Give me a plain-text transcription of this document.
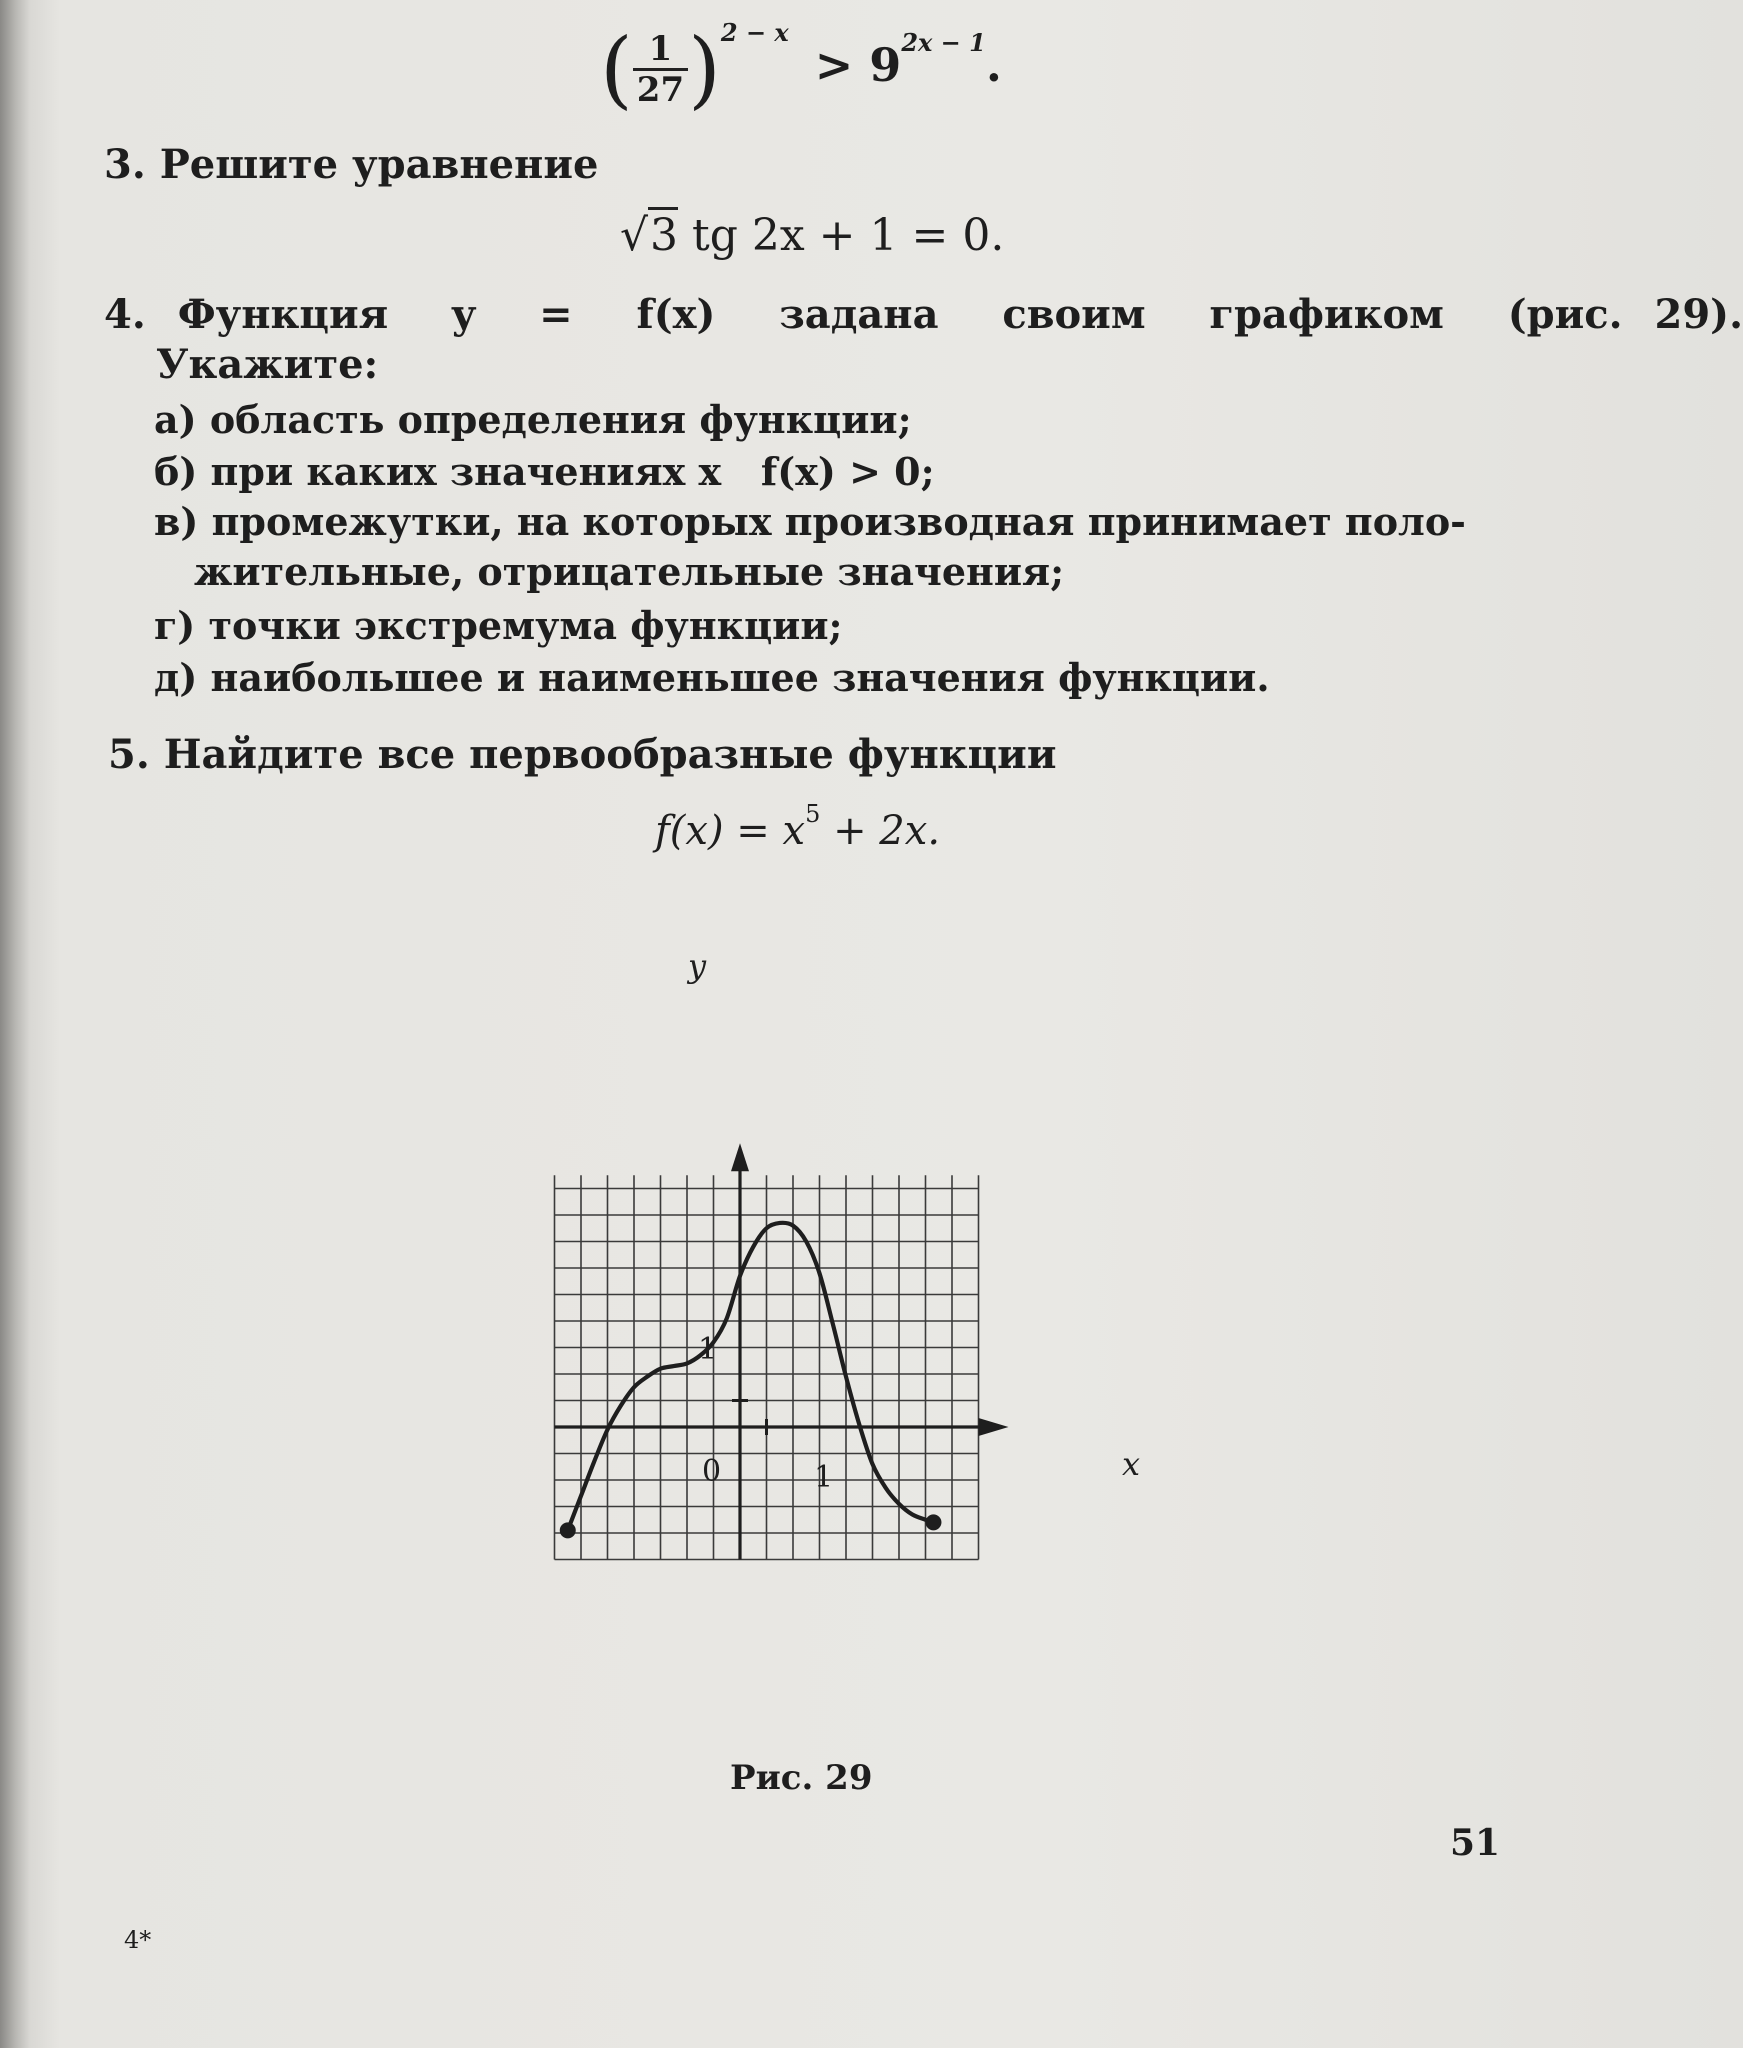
( $\frac{1}{27} )^{2 - x} > 9^{2x - 1}$.
3. Решите уравнение
√3 tg 2x + 1 = 0.
4. Функция  y  =  f(x)  задана  своим  графиком  (рис. 29).
Укажите:
а) область определения функции;
б) при каких значениях x   f(x) > 0;
в) промежутки, на которых производная принимает поло-
жительные, отрицательные значения;
г) точки экстремума функции;
д) наибольшее и наименьшее значения функции.
5. Найдите все первообразные функции
$f(x) = x^5 + 2x$.
y
x
0	1
1
Рис. 29
51
4*
